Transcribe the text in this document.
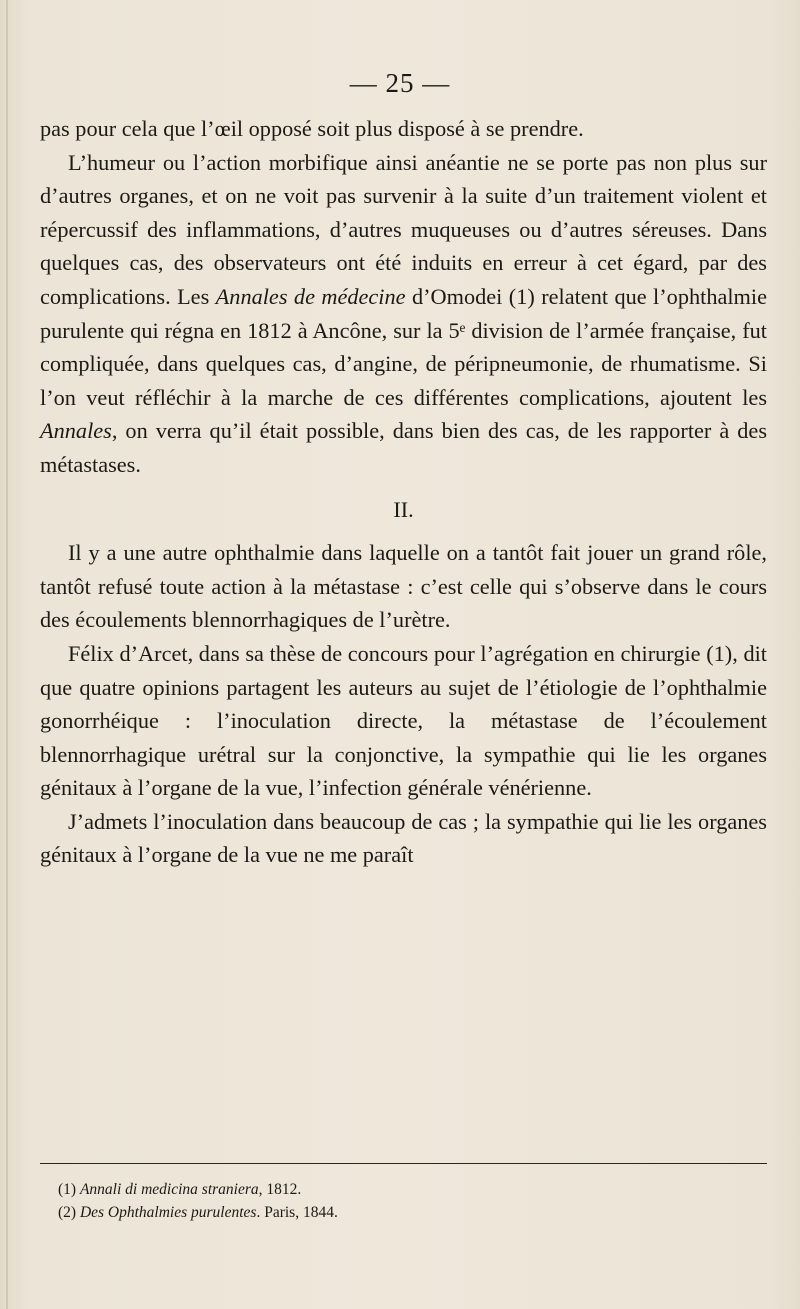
— 25 —

pas pour cela que l’œil opposé soit plus disposé à se prendre.

L’humeur ou l’action morbifique ainsi anéantie ne se porte pas non plus sur d’autres organes, et on ne voit pas survenir à la suite d’un traitement violent et répercussif des inflammations, d’autres muqueuses ou d’autres séreuses. Dans quelques cas, des observateurs ont été induits en erreur à cet égard, par des complications. Les Annales de médecine d’Omodei (1) relatent que l’ophthalmie purulente qui régna en 1812 à Ancône, sur la 5ᵉ division de l’armée française, fut compliquée, dans quelques cas, d’angine, de péripneumonie, de rhumatisme. Si l’on veut réfléchir à la marche de ces différentes complications, ajoutent les Annales, on verra qu’il était possible, dans bien des cas, de les rapporter à des métastases.

II.

Il y a une autre ophthalmie dans laquelle on a tantôt fait jouer un grand rôle, tantôt refusé toute action à la métastase : c’est celle qui s’observe dans le cours des écoulements blennorrhagiques de l’urètre.

Félix d’Arcet, dans sa thèse de concours pour l’agrégation en chirurgie (1), dit que quatre opinions partagent les auteurs au sujet de l’étiologie de l’ophthalmie gonorrhéique : l’inoculation directe, la métastase de l’écoulement blennorrhagique urétral sur la conjonctive, la sympathie qui lie les organes génitaux à l’organe de la vue, l’infection générale vénérienne.

J’admets l’inoculation dans beaucoup de cas ; la sympathie qui lie les organes génitaux à l’organe de la vue ne me paraît

(1) Annali di medicina straniera, 1812.

(2) Des Ophthalmies purulentes. Paris, 1844.
